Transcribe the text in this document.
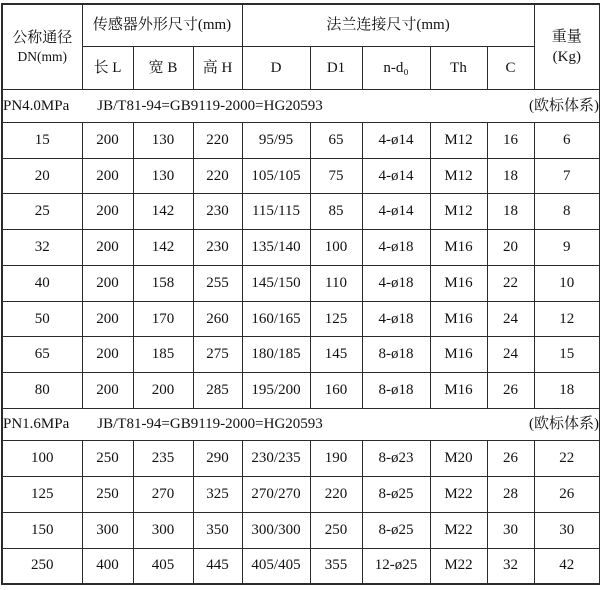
公称通径
DN(mm)
	传感器外形尺寸(mm)	法兰连接尺寸(mm)	
重量
(Kg)

	长 L	宽 B	高 H	D	D1	n-d₀	Th	C	

PN4.0MPa JB/T81-94=GB9119-2000=HG20593 (欧标体系)									

15	200	130	220	95/95	65	4-ø14	M12	16	6
20	200	130	220	105/105	75	4-ø14	M12	18	7
25	200	142	230	115/115	85	4-ø14	M12	18	8
32	200	142	230	135/140	100	4-ø18	M16	20	9
40	200	158	255	145/150	110	4-ø18	M16	22	10
50	200	170	260	160/165	125	4-ø18	M16	24	12
65	200	185	275	180/185	145	8-ø18	M16	24	15
80	200	200	285	195/200	160	8-ø18	M16	26	18

PN1.6MPa JB/T81-94=GB9119-2000=HG20593 (欧标体系)									

100	250	235	290	230/235	190	8-ø23	M20	26	22
125	250	270	325	270/270	220	8-ø25	M22	28	26
150	300	300	350	300/300	250	8-ø25	M22	30	30
250	400	405	445	405/405	355	12-ø25	M22	32	42
